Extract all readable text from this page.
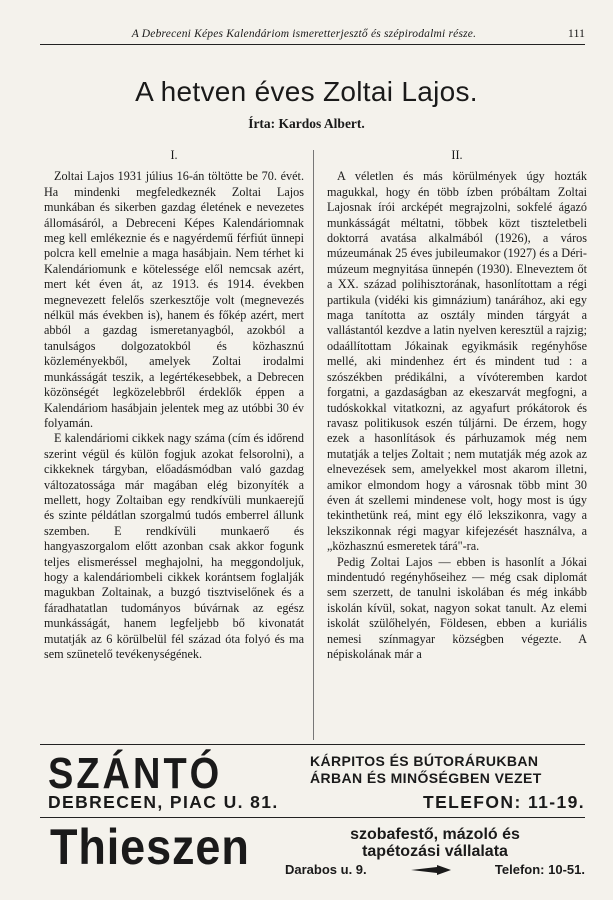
A Debreceni Képes Kalendáriom ismeretterjesztő és szépirodalmi része.	111
A hetven éves Zoltai Lajos.
Írta: Kardos Albert.
I.

Zoltai Lajos 1931 július 16-án töltötte be 70. évét. Ha mindenki megfeledkeznék Zoltai Lajos munkában és sikerben gazdag életének e nevezetes állomásáról, a Debreceni Képes Kalendáriomnak meg kell emlékeznie és e nagyérdemű férfiút ünnepi polcra kell emelnie a maga hasábjain. Nem térhet ki Kalendáriomunk e kötelessége elől nemcsak azért, mert két éven át, az 1913. és 1914. években megnevezett felelős szerkesztője volt (megnevezés nélkül más években is), hanem és főkép azért, mert abból a gazdag ismeretanyagból, azokból a tanulságos dolgozatokból és közhasznú közleményekből, amelyek Zoltai irodalmi munkásságát teszik, a legértékesebbek, a Debrecen közönségét legközelebbről érdeklők éppen a Kalendáriom hasábjain jelentek meg az utóbbi 30 év folyamán.

E kalendáriomi cikkek nagy száma (cím és időrend szerint végül és külön fogjuk azokat felsorolni), a cikkeknek tárgyban, előadásmódban való gazdag változatossága már magában elég bizonyíték a mellett, hogy Zoltaiban egy rendkívüli munkaerejű és szinte példátlan szorgalmú tudós emberrel állunk szemben. E rendkívüli munkaerő és hangyaszorgalom előtt azonban csak akkor fogunk teljes elismeréssel meghajolni, ha meggondoljuk, hogy a kalendáriombeli cikkek korántsem foglalják magukban Zoltainak, a buzgó tisztviselőnek és a fáradhatatlan tudományos búvárnak az egész munkásságát, hanem legfeljebb bő kivonatát mutatják az 6 körülbelül fél század óta folyó és ma sem szünetelő tevékenységének.

II.

A véletlen és más körülmények úgy hozták magukkal, hogy én több ízben próbáltam Zoltai Lajosnak írói arcképét megrajzolni, sokfelé ágazó munkásságát méltatni, többek közt tiszteletbeli doktorrá avatása alkalmából (1926), a város múzeumának 25 éves jubileumakor (1927) és a Déri-múzeum megnyitása ünnepén (1930). Elneveztem őt a XX. század polihisztorának, hasonlítottam a régi partikula (vidéki kis gimnázium) tanárához, aki egy maga tanította az osztály minden tárgyát a vallástantól kezdve a latin nyelven keresztül a rajzig; odaállítottam Jókainak egyikmásik regényhőse mellé, aki mindenhez ért és mindent tud : a szószékben prédikálni, a vívóteremben kardot forgatni, a gazdaságban az ekeszarvát megfogni, a tudóskokkal vitatkozni, az agyafurt prókátorok és ravasz politikusok eszén túljárni. De érzem, hogy ezek a hasonlítások és párhuzamok még nem mutatják a teljes Zoltait ; nem mutatják még azok az elnevezések sem, amelyekkel most akarom illetni, amikor elmondom hogy a városnak több mint 30 éven át szellemi mindenese volt, hogy most is úgy tekinthetünk reá, mint egy élő lekszikonra, vagy a lekszikonnak régi magyar kifejezését használva, a „közhasznú esmeretek tárá"-ra.

Pedig Zoltai Lajos — ebben is hasonlít a Jókai mindentudó regényhőseihez — még csak diplomát sem szerzett, de tanulni iskolában és még inkább iskolán kívül, sokat, nagyon sokat tanult. Az elemi iskolát szülőhelyén, Földesen, ebben a kuriális nemesi színmagyar községben végezte. A népiskolának már a

SZÁNTÓ	KÁRPITOS ÉS BÚTORÁRUKBAN
ÁRBAN ÉS MINŐSÉGBEN VEZET
DEBRECEN, PIAC U. 81.	TELEFON: 11-19.
Thieszen	szobafestő, mázoló és
tapétozási vállalata
Darabos u. 9.	Telefon: 10-51.
